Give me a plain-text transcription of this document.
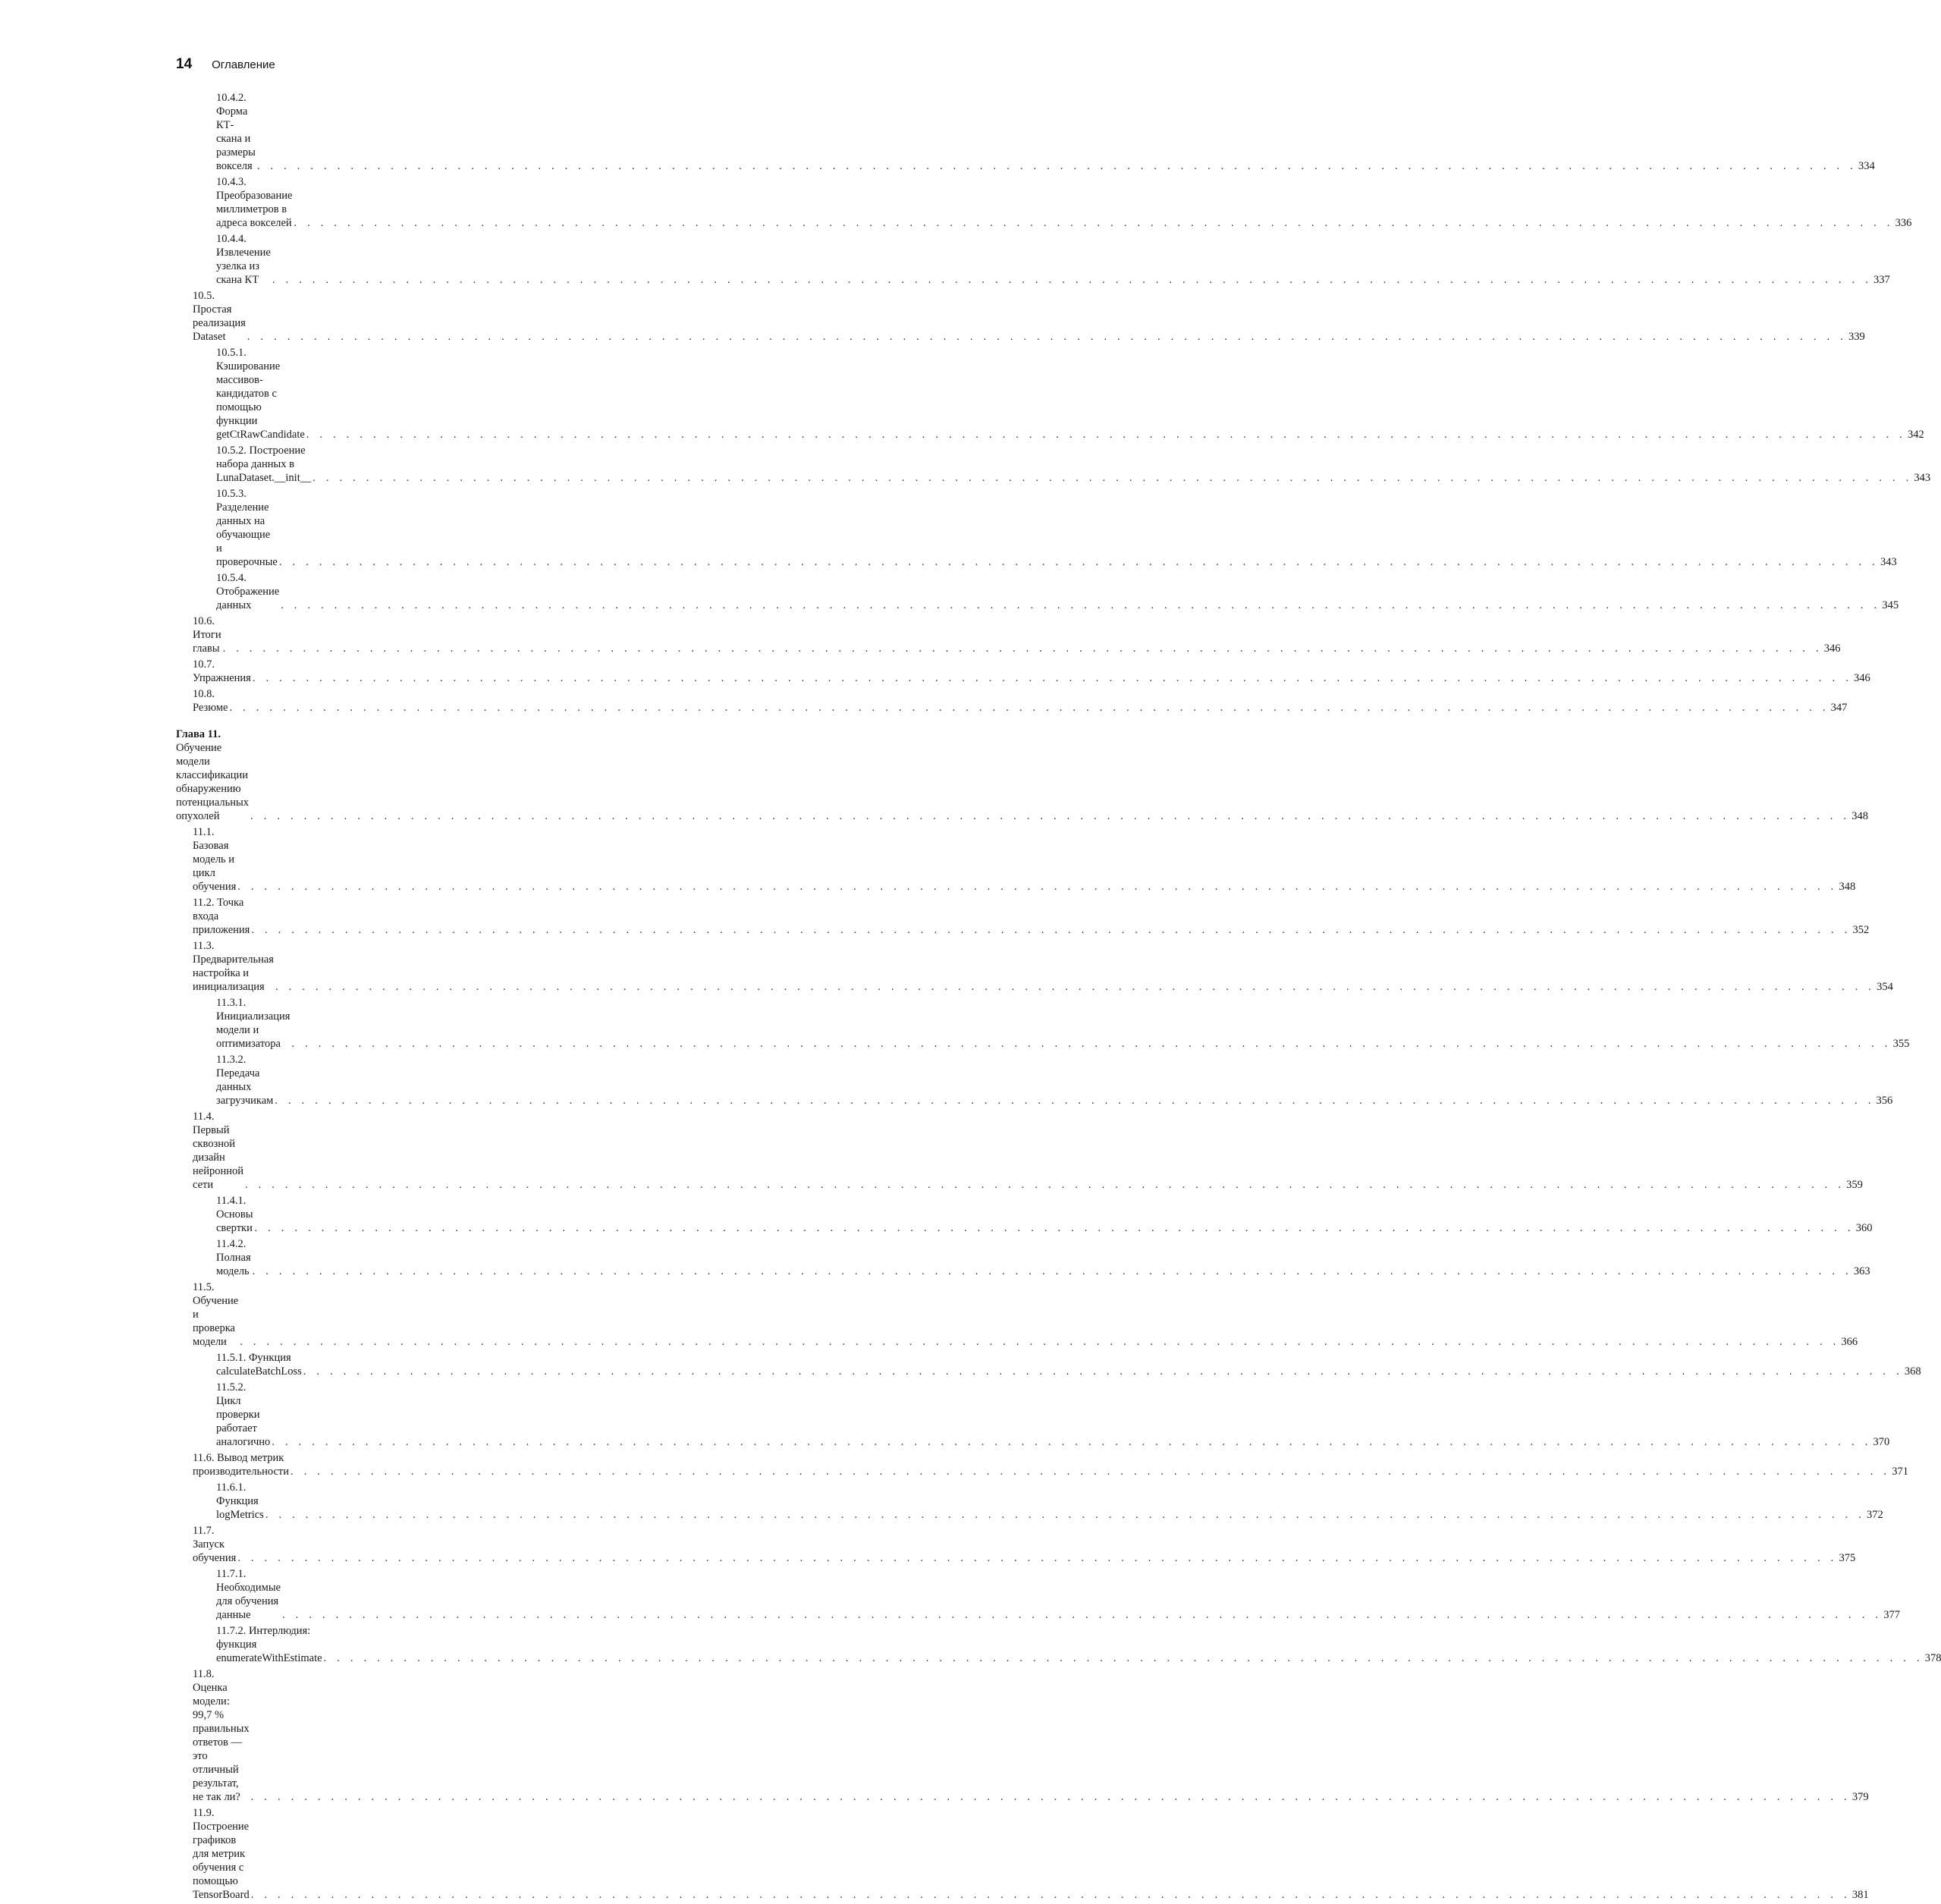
14 Оглавление
10.4.2. Форма КТ-скана и размеры вокселя . . . . . . . . . . . . . . . . . . . . . . . . . . . . . . . . . . . . . . . . . . . . . . . . . . . . . . . . . . . . . . . . . . . . . . . . . . . . . . . . . . . . . . . . . . . . . . . . . . . . . . . . . . . . . . . . . . . . . . . . 334
10.4.3. Преобразование миллиметров в адреса вокселей . . . . . . . . . . . . . . . . . . . . . . . . . . . . . . . . . . . . . . . . . . . . . . . . . . . . . . . . . . . . . . . . . . . . . . . . . . . . . . . . . . . . . . . . . . . . . . . . . . . . . . . . . . . . . . . . . . . . . . . . 336
10.4.4. Извлечение узелка из скана КТ	. . . . . . . . . . . . . . . . . . . . . . . . . . . . . . . . . . . . . . . . . . . . . . . . . . . . . . . . . . . . . . . . . . . . . . . . . . . . . . . . . . . . . . . . . . . . . . . . . . . . . . . . . . . . . . . . . . . . . . . . 337
10.5. Простая реализация Dataset	. . . . . . . . . . . . . . . . . . . . . . . . . . . . . . . . . . . . . . . . . . . . . . . . . . . . . . . . . . . . . . . . . . . . . . . . . . . . . . . . . . . . . . . . . . . . . . . . . . . . . . . . . . . . . . . . . . . . . . . . 339
10.5.1. Кэширование массивов-кандидатов с помощью функции getCtRawCandidate . . . . . . . . . . . . . . . . . . . . . . . . . . . . . . . . . . . . . . . . . . . . . . . . . . . . . . . . . . . . . . . . . . . . . . . . . . . . . . . . . . . . . . . . . . . . . . . . . . . . . . . . . . . . . . . . . . . . . . . . 342
10.5.2. Построение набора данных в LunaDataset.__init__ . . . . . . . . . . . . . . . . . . . . . . . . . . . . . . . . . . . . . . . . . . . . . . . . . . . . . . . . . . . . . . . . . . . . . . . . . . . . . . . . . . . . . . . . . . . . . . . . . . . . . . . . . . . . . . . . . . . . . . . . 343
10.5.3. Разделение данных на обучающие и проверочные . . . . . . . . . . . . . . . . . . . . . . . . . . . . . . . . . . . . . . . . . . . . . . . . . . . . . . . . . . . . . . . . . . . . . . . . . . . . . . . . . . . . . . . . . . . . . . . . . . . . . . . . . . . . . . . . . . . . . . . . 343
10.5.4. Отображение данных	. . . . . . . . . . . . . . . . . . . . . . . . . . . . . . . . . . . . . . . . . . . . . . . . . . . . . . . . . . . . . . . . . . . . . . . . . . . . . . . . . . . . . . . . . . . . . . . . . . . . . . . . . . . . . . . . . . . . . . . . 345
10.6. Итоги главы . . . . . . . . . . . . . . . . . . . . . . . . . . . . . . . . . . . . . . . . . . . . . . . . . . . . . . . . . . . . . . . . . . . . . . . . . . . . . . . . . . . . . . . . . . . . . . . . . . . . . . . . . . . . . . . . . . . . . . . . 346
10.7. Упражнения . . . . . . . . . . . . . . . . . . . . . . . . . . . . . . . . . . . . . . . . . . . . . . . . . . . . . . . . . . . . . . . . . . . . . . . . . . . . . . . . . . . . . . . . . . . . . . . . . . . . . . . . . . . . . . . . . . . . . . . . 346
10.8. Резюме . . . . . . . . . . . . . . . . . . . . . . . . . . . . . . . . . . . . . . . . . . . . . . . . . . . . . . . . . . . . . . . . . . . . . . . . . . . . . . . . . . . . . . . . . . . . . . . . . . . . . . . . . . . . . . . . . . . . . . . . 347
Глава 11. Обучение модели классификации обнаружению потенциальных опухолей	. . . . . . . . . . . . . . . . . . . . . . . . . . . . . . . . . . . . . . . . . . . . . . . . . . . . . . . . . . . . . . . . . . . . . . . . . . . . . . . . . . . . . . . . . . . . . . . . . . . . . . . . . . . . . . . . . . . . . . . . 348
11.1. Базовая модель и цикл обучения . . . . . . . . . . . . . . . . . . . . . . . . . . . . . . . . . . . . . . . . . . . . . . . . . . . . . . . . . . . . . . . . . . . . . . . . . . . . . . . . . . . . . . . . . . . . . . . . . . . . . . . . . . . . . . . . . . . . . . . . 348
11.2. Точка входа приложения . . . . . . . . . . . . . . . . . . . . . . . . . . . . . . . . . . . . . . . . . . . . . . . . . . . . . . . . . . . . . . . . . . . . . . . . . . . . . . . . . . . . . . . . . . . . . . . . . . . . . . . . . . . . . . . . . . . . . . . . 352
11.3. Предварительная настройка и инициализация . . . . . . . . . . . . . . . . . . . . . . . . . . . . . . . . . . . . . . . . . . . . . . . . . . . . . . . . . . . . . . . . . . . . . . . . . . . . . . . . . . . . . . . . . . . . . . . . . . . . . . . . . . . . . . . . . . . . . . . . 354
11.3.1. Инициализация модели и оптимизатора	. . . . . . . . . . . . . . . . . . . . . . . . . . . . . . . . . . . . . . . . . . . . . . . . . . . . . . . . . . . . . . . . . . . . . . . . . . . . . . . . . . . . . . . . . . . . . . . . . . . . . . . . . . . . . . . . . . . . . . . . 355
11.3.2. Передача данных загрузчикам . . . . . . . . . . . . . . . . . . . . . . . . . . . . . . . . . . . . . . . . . . . . . . . . . . . . . . . . . . . . . . . . . . . . . . . . . . . . . . . . . . . . . . . . . . . . . . . . . . . . . . . . . . . . . . . . . . . . . . . . 356
11.4. Первый сквозной дизайн нейронной сети	. . . . . . . . . . . . . . . . . . . . . . . . . . . . . . . . . . . . . . . . . . . . . . . . . . . . . . . . . . . . . . . . . . . . . . . . . . . . . . . . . . . . . . . . . . . . . . . . . . . . . . . . . . . . . . . . . . . . . . . . 359
11.4.1. Основы свертки . . . . . . . . . . . . . . . . . . . . . . . . . . . . . . . . . . . . . . . . . . . . . . . . . . . . . . . . . . . . . . . . . . . . . . . . . . . . . . . . . . . . . . . . . . . . . . . . . . . . . . . . . . . . . . . . . . . . . . . . 360
11.4.2. Полная модель . . . . . . . . . . . . . . . . . . . . . . . . . . . . . . . . . . . . . . . . . . . . . . . . . . . . . . . . . . . . . . . . . . . . . . . . . . . . . . . . . . . . . . . . . . . . . . . . . . . . . . . . . . . . . . . . . . . . . . . . 363
11.5. Обучение и проверка модели	. . . . . . . . . . . . . . . . . . . . . . . . . . . . . . . . . . . . . . . . . . . . . . . . . . . . . . . . . . . . . . . . . . . . . . . . . . . . . . . . . . . . . . . . . . . . . . . . . . . . . . . . . . . . . . . . . . . . . . . . 366
11.5.1. Функция calculateBatchLoss . . . . . . . . . . . . . . . . . . . . . . . . . . . . . . . . . . . . . . . . . . . . . . . . . . . . . . . . . . . . . . . . . . . . . . . . . . . . . . . . . . . . . . . . . . . . . . . . . . . . . . . . . . . . . . . . . . . . . . . . 368
11.5.2. Цикл проверки работает аналогично . . . . . . . . . . . . . . . . . . . . . . . . . . . . . . . . . . . . . . . . . . . . . . . . . . . . . . . . . . . . . . . . . . . . . . . . . . . . . . . . . . . . . . . . . . . . . . . . . . . . . . . . . . . . . . . . . . . . . . . . 370
11.6. Вывод метрик производительности . . . . . . . . . . . . . . . . . . . . . . . . . . . . . . . . . . . . . . . . . . . . . . . . . . . . . . . . . . . . . . . . . . . . . . . . . . . . . . . . . . . . . . . . . . . . . . . . . . . . . . . . . . . . . . . . . . . . . . . . 371
11.6.1. Функция logMetrics . . . . . . . . . . . . . . . . . . . . . . . . . . . . . . . . . . . . . . . . . . . . . . . . . . . . . . . . . . . . . . . . . . . . . . . . . . . . . . . . . . . . . . . . . . . . . . . . . . . . . . . . . . . . . . . . . . . . . . . . 372
11.7. Запуск обучения . . . . . . . . . . . . . . . . . . . . . . . . . . . . . . . . . . . . . . . . . . . . . . . . . . . . . . . . . . . . . . . . . . . . . . . . . . . . . . . . . . . . . . . . . . . . . . . . . . . . . . . . . . . . . . . . . . . . . . . . 375
11.7.1. Необходимые для обучения данные	. . . . . . . . . . . . . . . . . . . . . . . . . . . . . . . . . . . . . . . . . . . . . . . . . . . . . . . . . . . . . . . . . . . . . . . . . . . . . . . . . . . . . . . . . . . . . . . . . . . . . . . . . . . . . . . . . . . . . . . . 377
11.7.2. Интерлюдия: функция enumerateWithEstimate . . . . . . . . . . . . . . . . . . . . . . . . . . . . . . . . . . . . . . . . . . . . . . . . . . . . . . . . . . . . . . . . . . . . . . . . . . . . . . . . . . . . . . . . . . . . . . . . . . . . . . . . . . . . . . . . . . . . . . . . 378
11.8. Оценка модели: 99,7 % правильных ответов — это отличный результат, не так ли? . . . . . . . . . . . . . . . . . . . . . . . . . . . . . . . . . . . . . . . . . . . . . . . . . . . . . . . . . . . . . . . . . . . . . . . . . . . . . . . . . . . . . . . . . . . . . . . . . . . . . . . . . . . . . . . . . . . . . . . . 379
11.9. Построение графиков для метрик обучения с помощью TensorBoard . . . . . . . . . . . . . . . . . . . . . . . . . . . . . . . . . . . . . . . . . . . . . . . . . . . . . . . . . . . . . . . . . . . . . . . . . . . . . . . . . . . . . . . . . . . . . . . . . . . . . . . . . . . . . . . . . . . . . . . . 381
